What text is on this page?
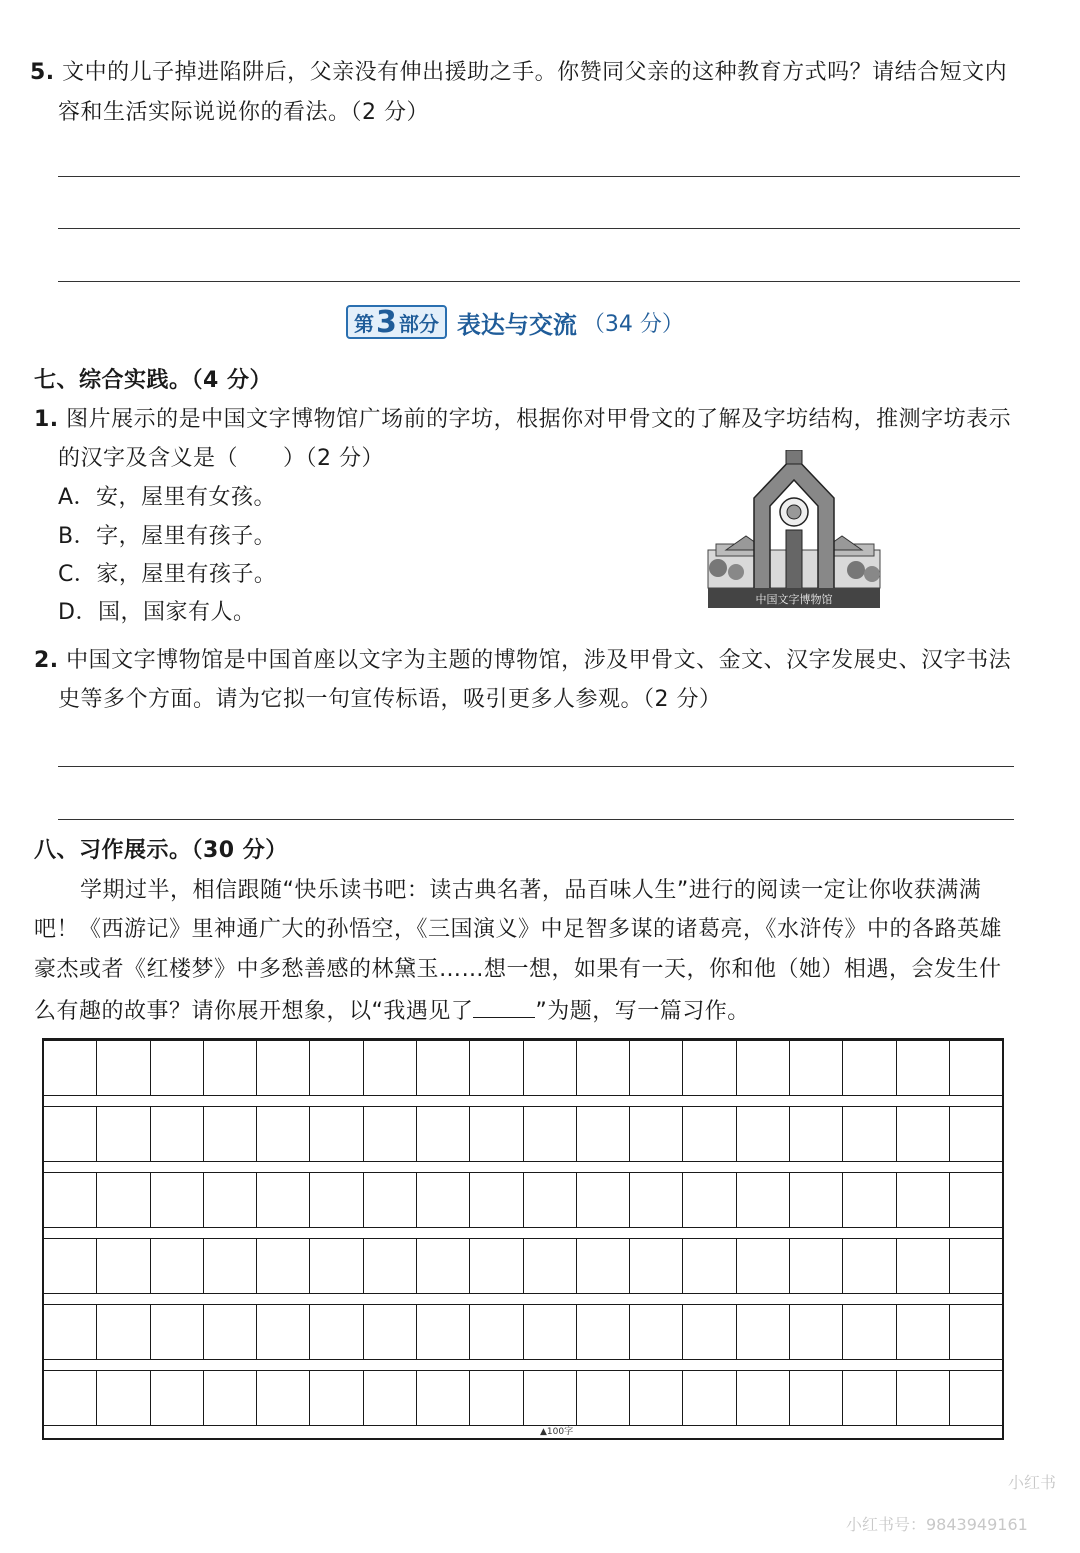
5. 文中的儿子掉进陷阱后，父亲没有伸出援助之手。你赞同父亲的这种教育方式吗？请结合短文内
容和生活实际说说你的看法。（2 分）
第 3 部分 表达与交流 （34 分）
七、综合实践。（4 分）
1. 图片展示的是中国文字博物馆广场前的字坊，根据你对甲骨文的了解及字坊结构，推测字坊表示
的汉字及含义是（　　）（2 分）
A．安，屋里有女孩。
B．字，屋里有孩子。
C．家，屋里有孩子。
D．国，国家有人。
中国文字博物馆
2. 中国文字博物馆是中国首座以文字为主题的博物馆，涉及甲骨文、金文、汉字发展史、汉字书法
史等多个方面。请为它拟一句宣传标语，吸引更多人参观。（2 分）
八、习作展示。（30 分）
学期过半，相信跟随“快乐读书吧：读古典名著，品百味人生”进行的阅读一定让你收获满满
吧！《西游记》里神通广大的孙悟空，《三国演义》中足智多谋的诸葛亮，《水浒传》中的各路英雄
豪杰或者《红楼梦》中多愁善感的林黛玉……想一想，如果有一天，你和他（她）相遇，会发生什
么有趣的故事？请你展开想象，以“我遇见了	”为题，写一篇习作。
▲100字
小红书
小红书号：9843949161
